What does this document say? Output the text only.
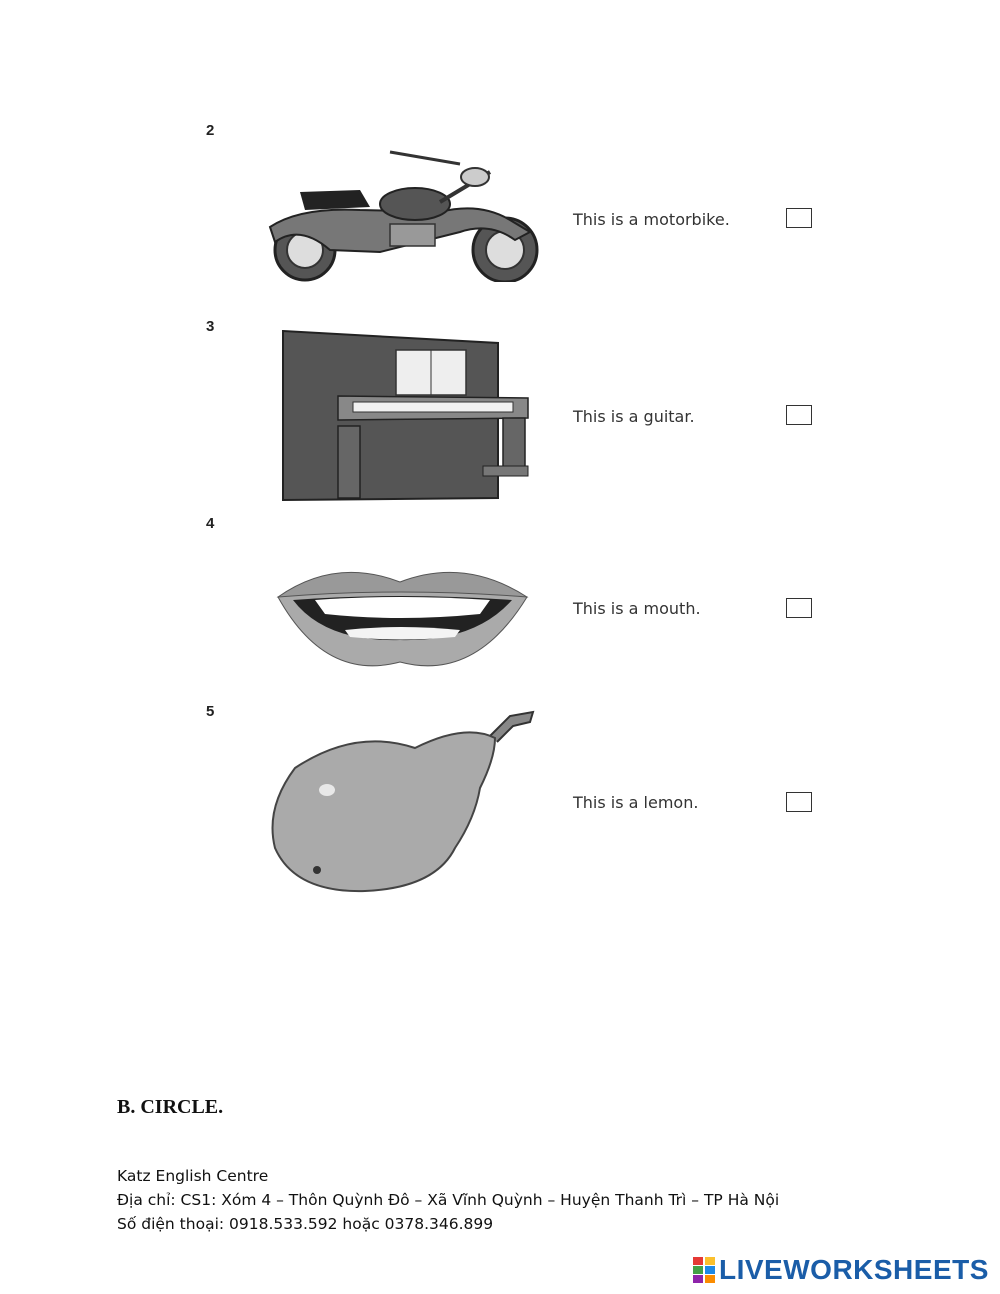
2
This is a motorbike.
3
This is a guitar.
4
This is a mouth.
5
This is a lemon.
B. CIRCLE.
Katz English Centre
Địa chỉ: CS1: Xóm 4 – Thôn Quỳnh Đô – Xã Vĩnh Quỳnh – Huyện Thanh Trì – TP Hà Nội
Số điện thoại: 0918.533.592 hoặc 0378.346.899
LIVEWORKSHEETS
